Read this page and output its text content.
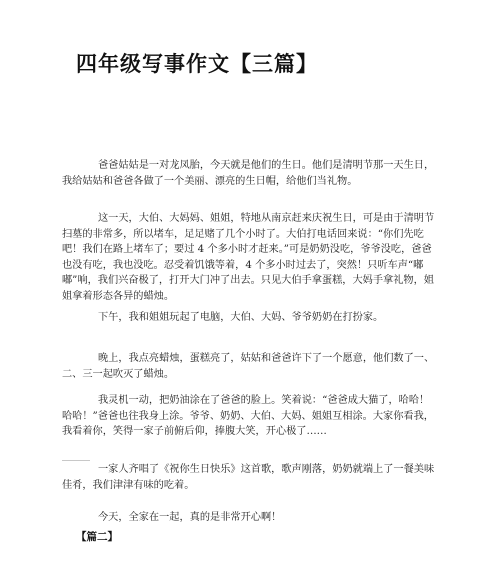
四年级写事作文【三篇】

爸爸姑姑是一对龙凤胎，今天就是他们的生日。他们是清明节那一天生日，我给姑姑和爸爸各做了一个美丽、漂亮的生日帽，给他们当礼物。

这一天，大伯、大妈妈、姐姐，特地从南京赶来庆祝生日，可是由于清明节扫墓的非常多，所以堵车，足足赌了几个小时了。大伯打电话回来说：“你们先吃吧！我们在路上堵车了；要过 4 个多小时才赶来。”可是奶奶没吃，爷爷没吃，爸爸也没有吃，我也没吃。忍受着饥饿等着，4 个多小时过去了，突然！只听车声“嘟嘟”响，我们兴奋极了，打开大门冲了出去。只见大伯手拿蛋糕，大妈手拿礼物，姐姐拿着形态各异的蜡烛。

下午，我和姐姐玩起了电脑，大伯、大妈、爷爷奶奶在打扮家。

晚上，我点亮蜡烛，蛋糕亮了，姑姑和爸爸许下了一个愿意，他们数了一、二、三一起吹灭了蜡烛。

我灵机一动，把奶油涂在了爸爸的脸上。笑着说：“爸爸成大猫了，哈哈！哈哈！”爸爸也往我身上涂。爷爷、奶奶、大伯、大妈、姐姐互相涂。大家你看我，我看着你，笑得一家子前俯后仰，捧腹大笑，开心极了……

一家人齐唱了《祝你生日快乐》这首歌，歌声刚落，奶奶就端上了一餐美味佳肴，我们津津有味的吃着。

今天，全家在一起，真的是非常开心啊！

【篇二】
